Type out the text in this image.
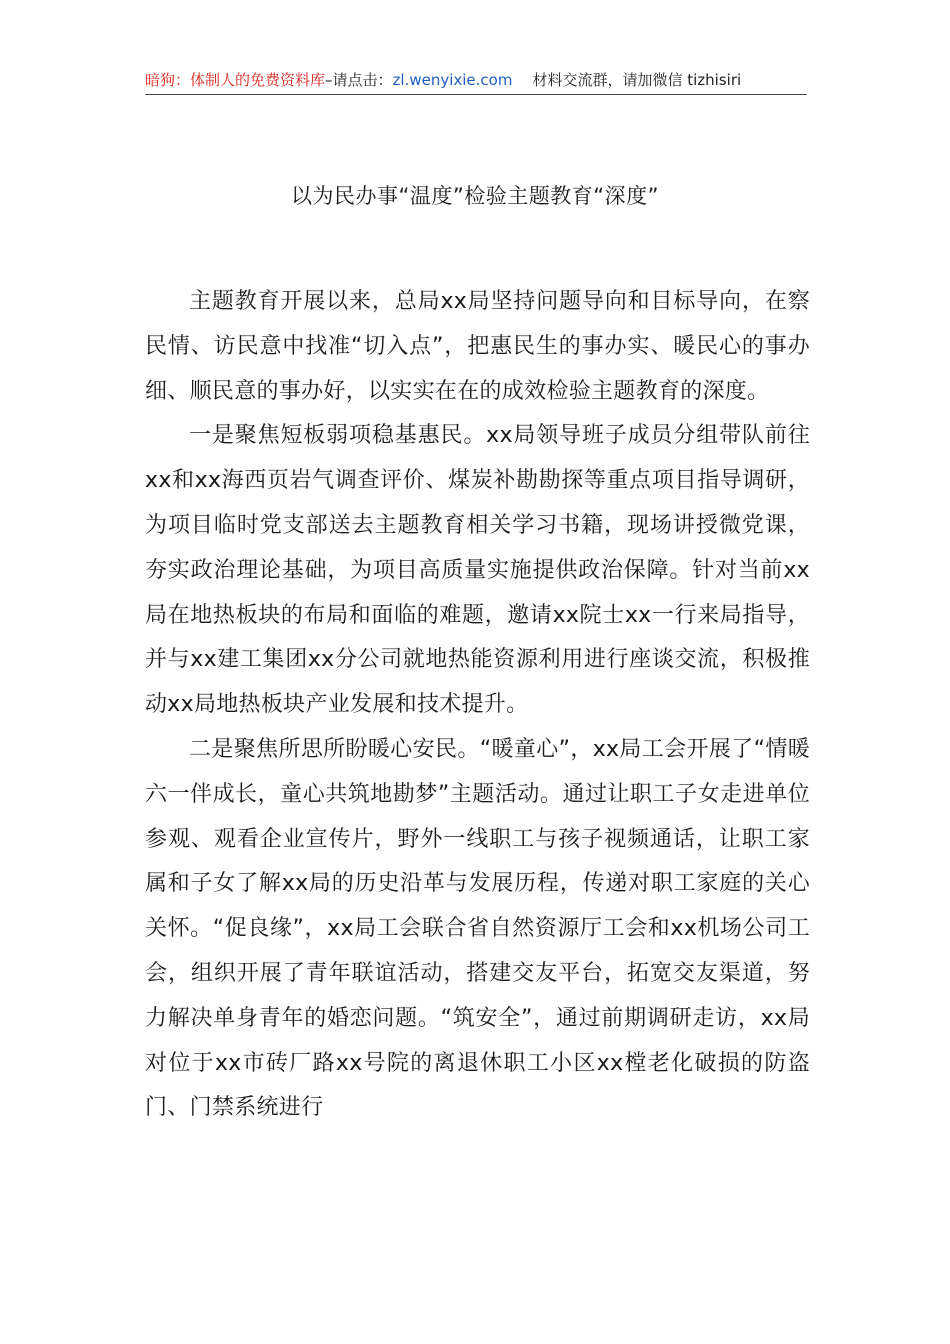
暗狗：体制人的免费资料库–请点击：zl.wenyixie.com 材料交流群，请加微信 tizhisiri
以为民办事“温度”检验主题教育“深度”

主题教育开展以来，总局xx局坚持问题导向和目标导向，在察民情、访民意中找准“切入点”，把惠民生的事办实、暖民心的事办细、顺民意的事办好，以实实在在的成效检验主题教育的深度。

一是聚焦短板弱项稳基惠民。xx局领导班子成员分组带队前往xx和xx海西页岩气调查评价、煤炭补勘勘探等重点项目指导调研，为项目临时党支部送去主题教育相关学习书籍，现场讲授微党课，夯实政治理论基础，为项目高质量实施提供政治保障。针对当前xx局在地热板块的布局和面临的难题，邀请xx院士xx一行来局指导，并与xx建工集团xx分公司就地热能资源利用进行座谈交流，积极推动xx局地热板块产业发展和技术提升。

二是聚焦所思所盼暖心安民。“暖童心”，xx局工会开展了“情暖六一伴成长，童心共筑地勘梦”主题活动。通过让职工子女走进单位参观、观看企业宣传片，野外一线职工与孩子视频通话，让职工家属和子女了解xx局的历史沿革与发展历程，传递对职工家庭的关心关怀。“促良缘”，xx局工会联合省自然资源厅工会和xx机场公司工会，组织开展了青年联谊活动，搭建交友平台，拓宽交友渠道，努力解决单身青年的婚恋问题。“筑安全”，通过前期调研走访，xx局对位于xx市砖厂路xx号院的离退休职工小区xx樘老化破损的防盗门、门禁系统进行
